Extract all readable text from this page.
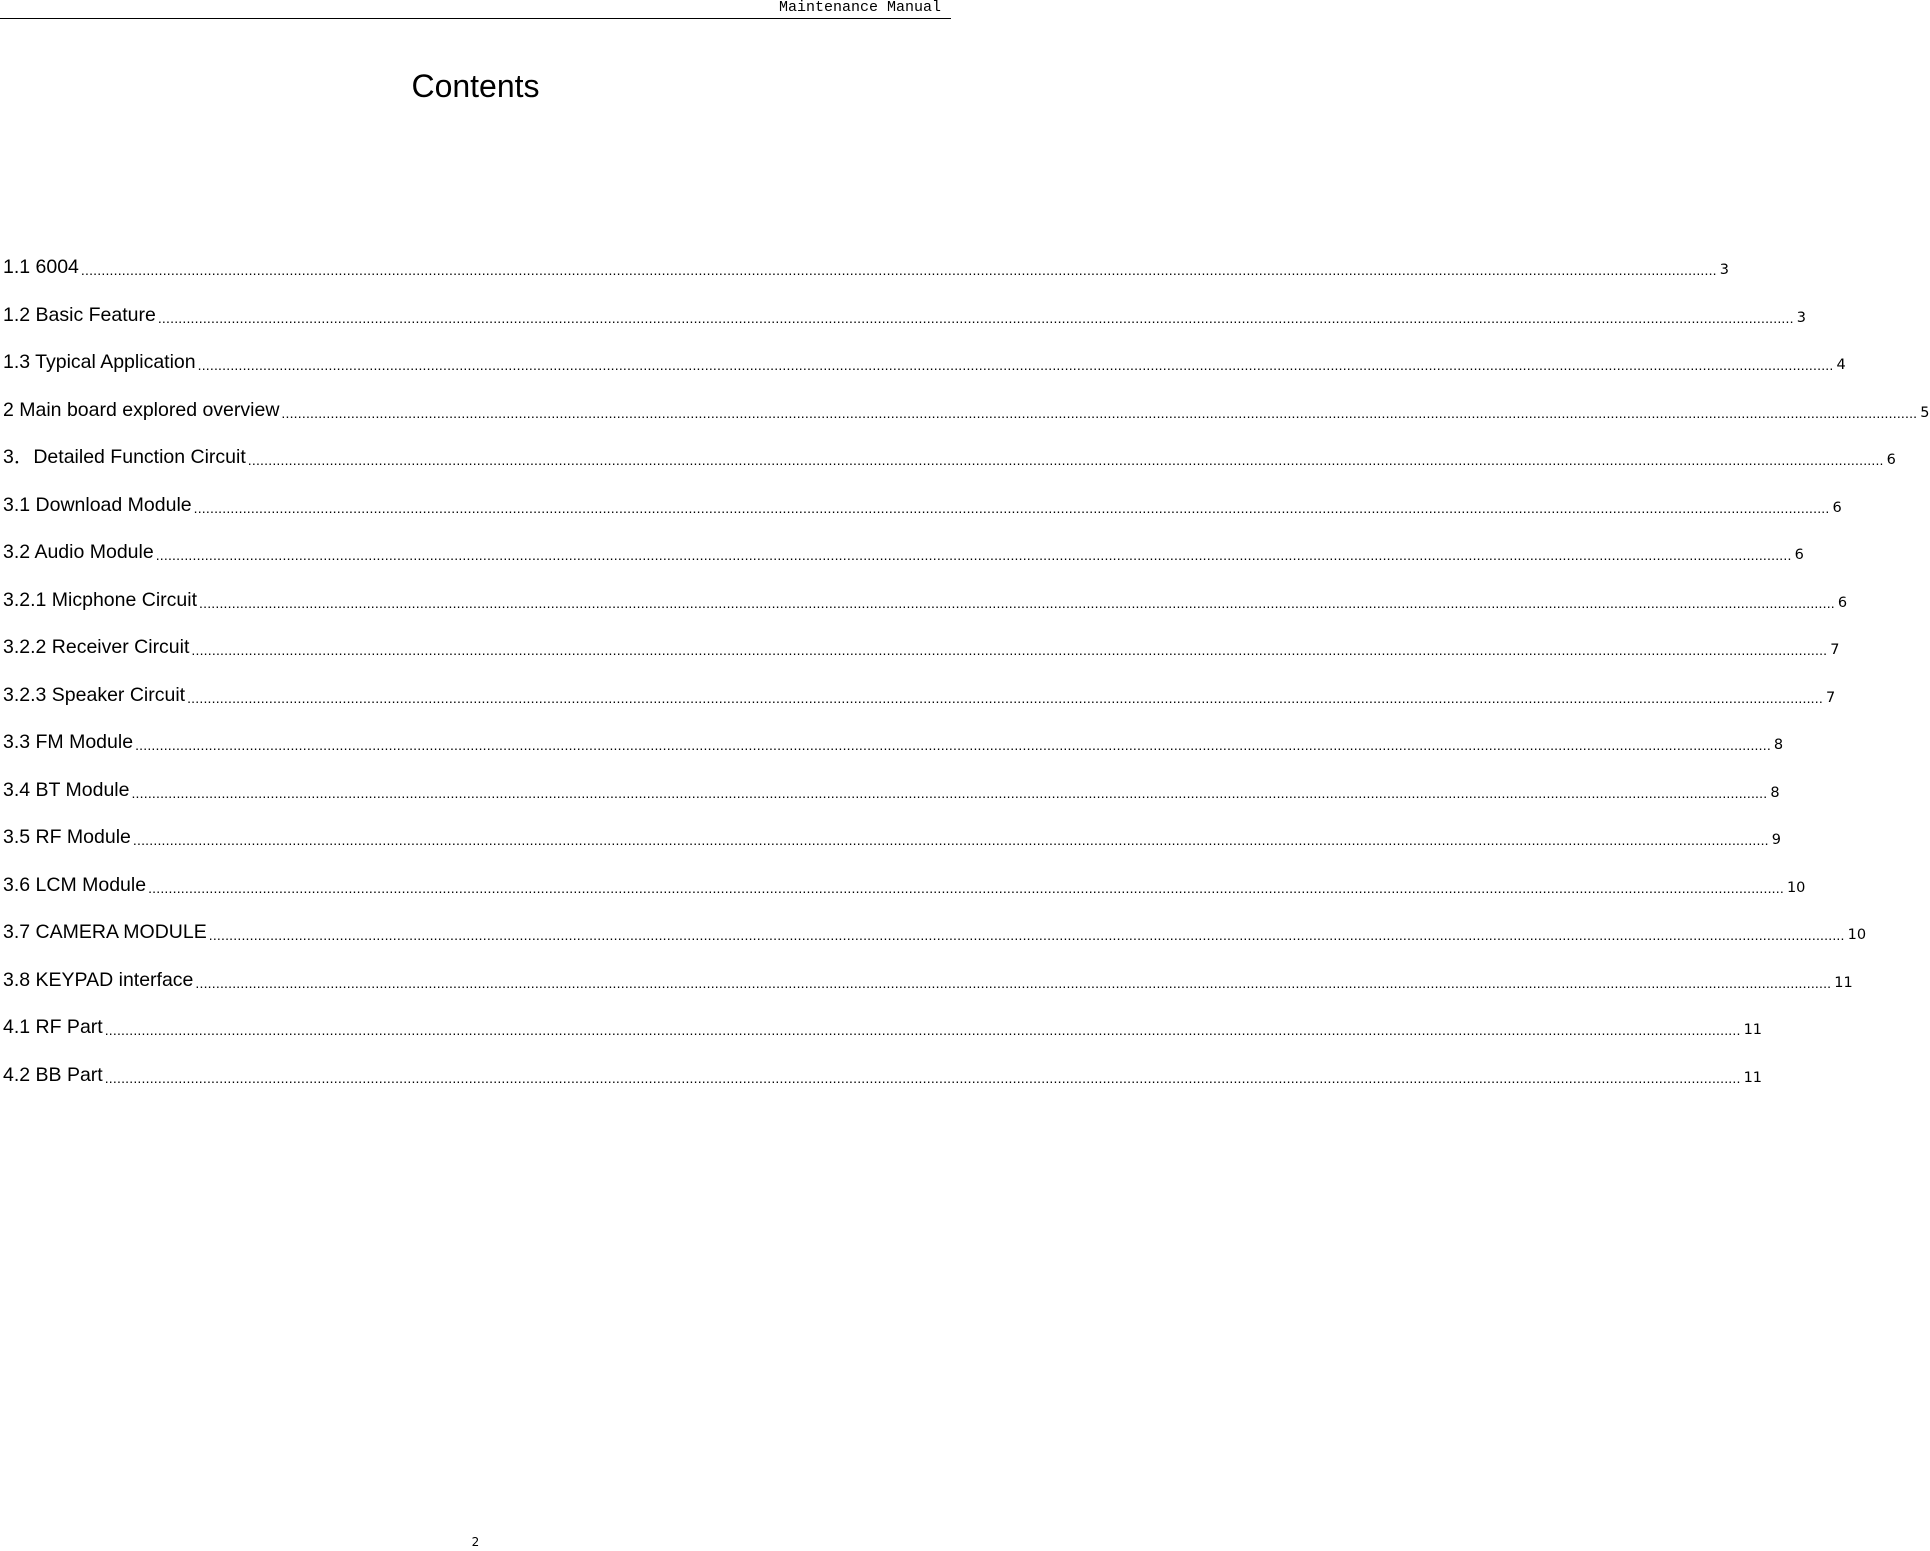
Maintenance Manual
Contents
1.1 6004 ................................................................................................................................................................................................................................................................................................................................................................................................................ 3
1.2 Basic Feature ................................................................................................................................................................................................................................................................................................................................................................................................................ 3
1.3 Typical Application ................................................................................................................................................................................................................................................................................................................................................................................................................ 4
2 Main board explored overview ................................................................................................................................................................................................................................................................................................................................................................................................................ 5
3．Detailed Function Circuit ................................................................................................................................................................................................................................................................................................................................................................................................................ 6
3.1 Download Module ................................................................................................................................................................................................................................................................................................................................................................................................................ 6
3.2 Audio Module ................................................................................................................................................................................................................................................................................................................................................................................................................ 6
3.2.1 Micphone Circuit ................................................................................................................................................................................................................................................................................................................................................................................................................ 6
3.2.2 Receiver Circuit ................................................................................................................................................................................................................................................................................................................................................................................................................ 7
3.2.3 Speaker Circuit ................................................................................................................................................................................................................................................................................................................................................................................................................ 7
3.3 FM Module ................................................................................................................................................................................................................................................................................................................................................................................................................ 8
3.4 BT Module ................................................................................................................................................................................................................................................................................................................................................................................................................ 8
3.5 RF Module ................................................................................................................................................................................................................................................................................................................................................................................................................ 9
3.6 LCM Module ................................................................................................................................................................................................................................................................................................................................................................................................................ 10
3.7 CAMERA MODULE ................................................................................................................................................................................................................................................................................................................................................................................................................ 10
3.8 KEYPAD interface ................................................................................................................................................................................................................................................................................................................................................................................................................ 11
4.1 RF Part ................................................................................................................................................................................................................................................................................................................................................................................................................ 11
4.2 BB Part ................................................................................................................................................................................................................................................................................................................................................................................................................ 11
2
